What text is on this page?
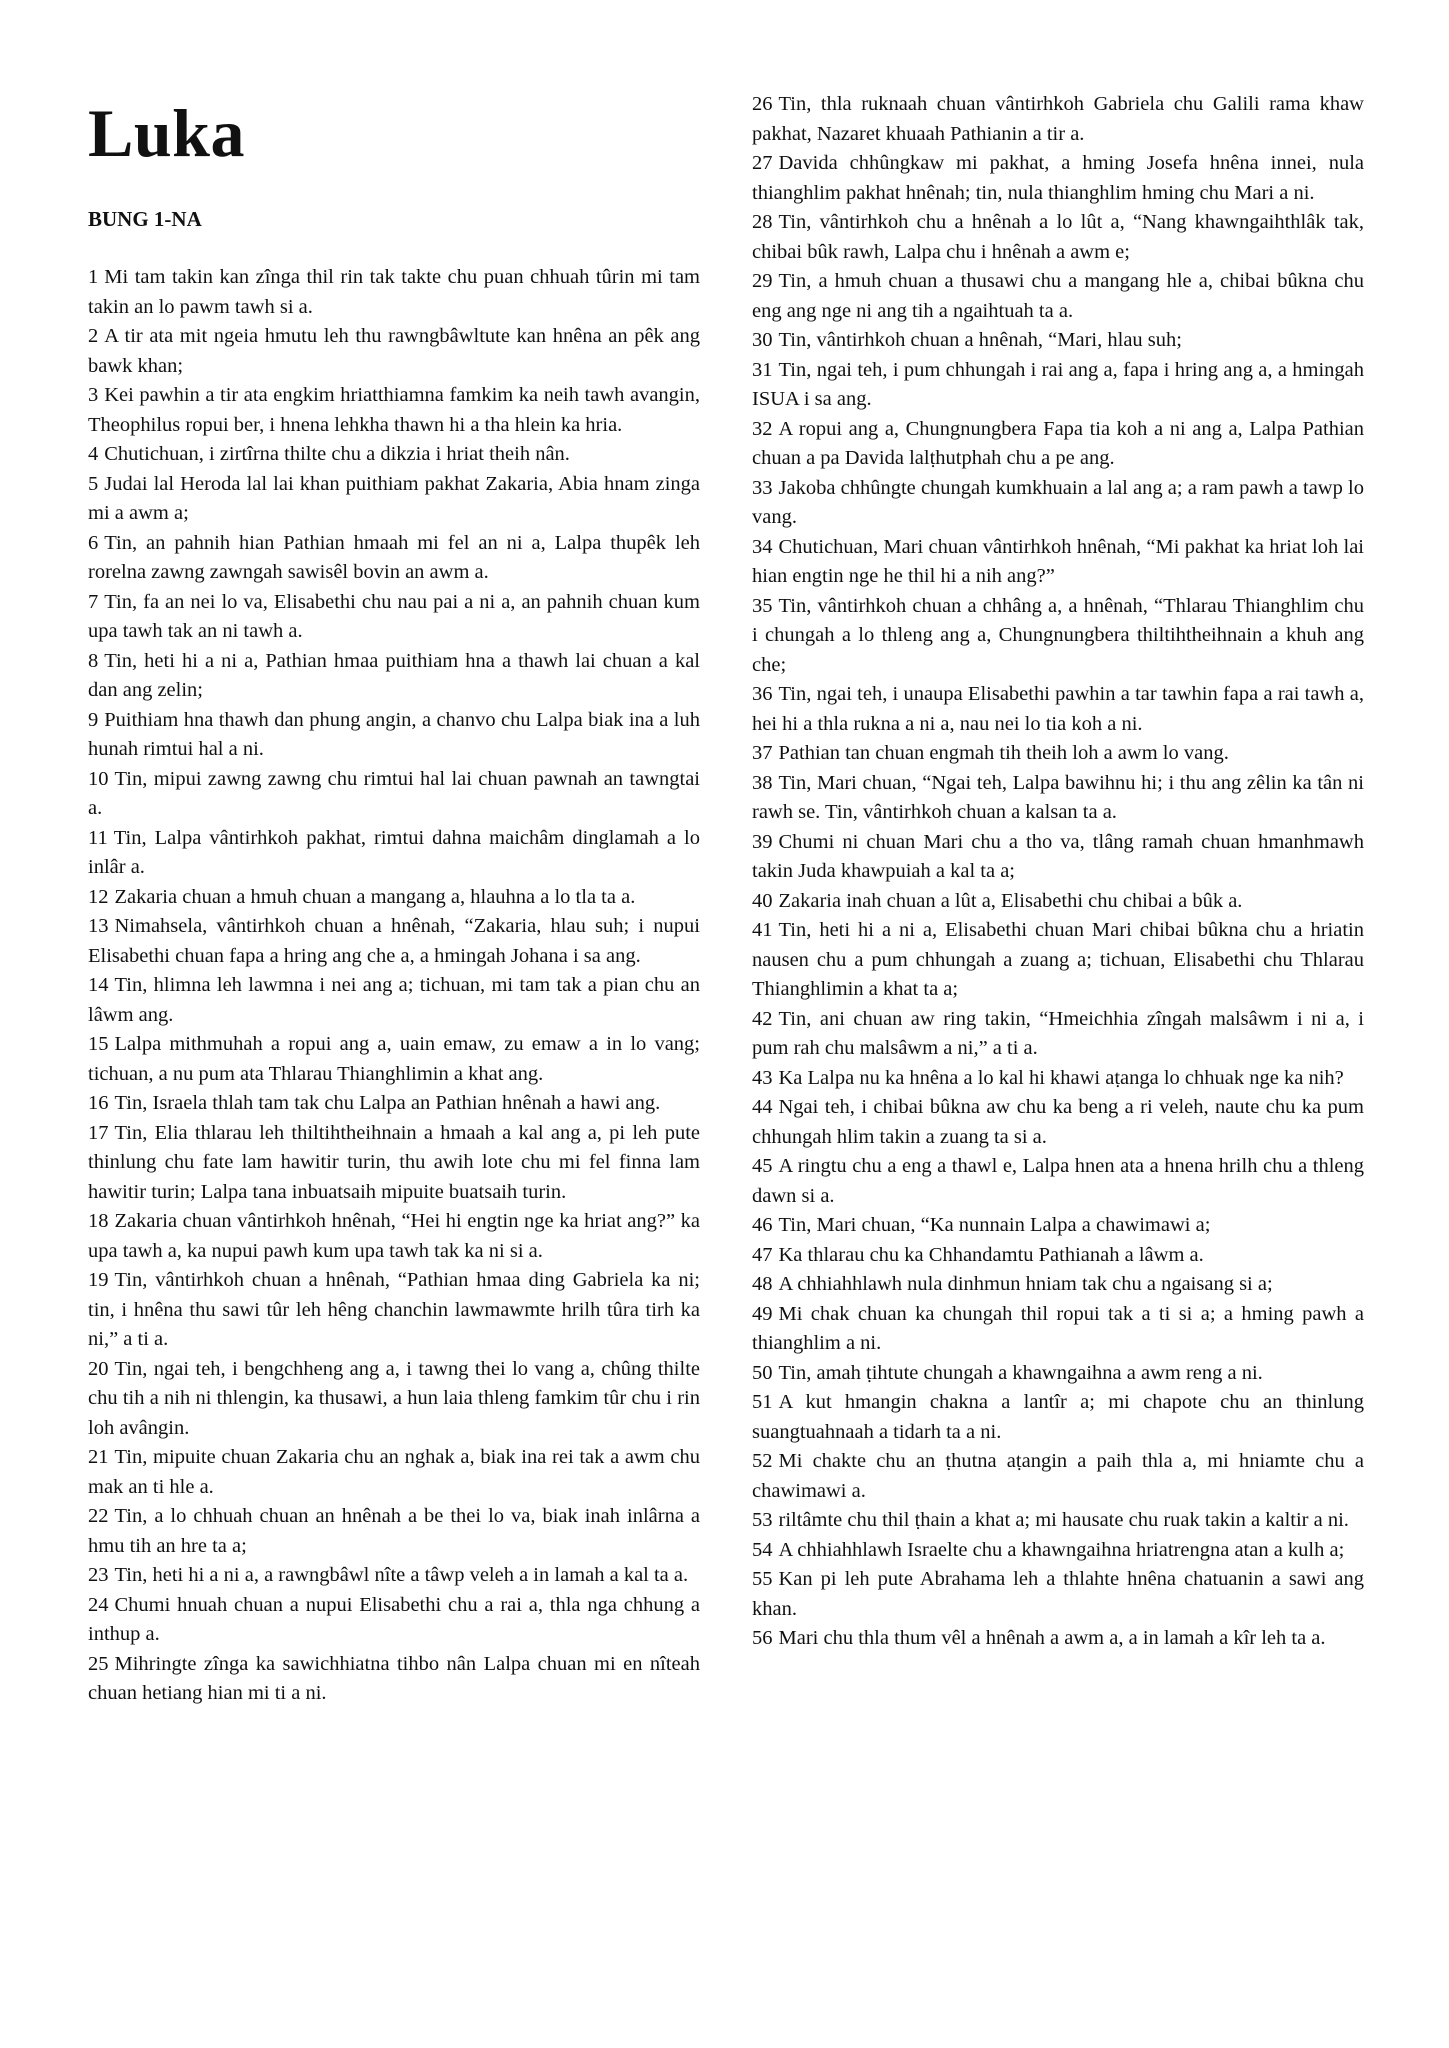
Luka
BUNG 1-NA

1 Mi tam takin kan zînga thil rin tak takte chu puan chhuah tûrin mi tam takin an lo pawm tawh si a.

2 A tir ata mit ngeia hmutu leh thu rawngbâwltute kan hnêna an pêk ang bawk khan;

3 Kei pawhin a tir ata engkim hriatthiamna famkim ka neih tawh avangin, Theophilus ropui ber, i hnena lehkha thawn hi a tha hlein ka hria.

4 Chutichuan, i zirtîrna thilte chu a dikzia i hriat theih nân.

5 Judai lal Heroda lal lai khan puithiam pakhat Zakaria, Abia hnam zinga mi a awm a;

6 Tin, an pahnih hian Pathian hmaah mi fel an ni a, Lalpa thupêk leh rorelna zawng zawngah sawisêl bovin an awm a.

7 Tin, fa an nei lo va, Elisabethi chu nau pai a ni a, an pahnih chuan kum upa tawh tak an ni tawh a.

8 Tin, heti hi a ni a, Pathian hmaa puithiam hna a thawh lai chuan a kal dan ang zelin;

9 Puithiam hna thawh dan phung angin, a chanvo chu Lalpa biak ina a luh hunah rimtui hal a ni.

10 Tin, mipui zawng zawng chu rimtui hal lai chuan pawnah an tawngtai a.

11 Tin, Lalpa vântirhkoh pakhat, rimtui dahna maichâm dinglamah a lo inlâr a.

12 Zakaria chuan a hmuh chuan a mangang a, hlauhna a lo tla ta a.

13 Nimahsela, vântirhkoh chuan a hnênah, “Zakaria, hlau suh; i nupui Elisabethi chuan fapa a hring ang che a, a hmingah Johana i sa ang.

14 Tin, hlimna leh lawmna i nei ang a; tichuan, mi tam tak a pian chu an lâwm ang.

15 Lalpa mithmuhah a ropui ang a, uain emaw, zu emaw a in lo vang; tichuan, a nu pum ata Thlarau Thianghlimin a khat ang.

16 Tin, Israela thlah tam tak chu Lalpa an Pathian hnênah a hawi ang.

17 Tin, Elia thlarau leh thiltihtheihnain a hmaah a kal ang a, pi leh pute thinlung chu fate lam hawitir turin, thu awih lote chu mi fel finna lam hawitir turin; Lalpa tana inbuatsaih mipuite buatsaih turin.

18 Zakaria chuan vântirhkoh hnênah, “Hei hi engtin nge ka hriat ang?” ka upa tawh a, ka nupui pawh kum upa tawh tak ka ni si a.

19 Tin, vântirhkoh chuan a hnênah, “Pathian hmaa ding Gabriela ka ni; tin, i hnêna thu sawi tûr leh hêng chanchin lawmawmte hrilh tûra tirh ka ni,” a ti a.

20 Tin, ngai teh, i bengchheng ang a, i tawng thei lo vang a, chûng thilte chu tih a nih ni thlengin, ka thusawi, a hun laia thleng famkim tûr chu i rin loh avângin.

21 Tin, mipuite chuan Zakaria chu an nghak a, biak ina rei tak a awm chu mak an ti hle a.

22 Tin, a lo chhuah chuan an hnênah a be thei lo va, biak inah inlârna a hmu tih an hre ta a;

23 Tin, heti hi a ni a, a rawngbâwl nîte a tâwp veleh a in lamah a kal ta a.

24 Chumi hnuah chuan a nupui Elisabethi chu a rai a, thla nga chhung a inthup a.

25 Mihringte zînga ka sawichhiatna tihbo nân Lalpa chuan mi en nîteah chuan hetiang hian mi ti a ni.

26 Tin, thla ruknaah chuan vântirhkoh Gabriela chu Galili rama khaw pakhat, Nazaret khuaah Pathianin a tir a.

27 Davida chhûngkaw mi pakhat, a hming Josefa hnêna innei, nula thianghlim pakhat hnênah; tin, nula thianghlim hming chu Mari a ni.

28 Tin, vântirhkoh chu a hnênah a lo lût a, “Nang khawngaihthlâk tak, chibai bûk rawh, Lalpa chu i hnênah a awm e;

29 Tin, a hmuh chuan a thusawi chu a mangang hle a, chibai bûkna chu eng ang nge ni ang tih a ngaihtuah ta a.

30 Tin, vântirhkoh chuan a hnênah, “Mari, hlau suh;

31 Tin, ngai teh, i pum chhungah i rai ang a, fapa i hring ang a, a hmingah ISUA i sa ang.

32 A ropui ang a, Chungnungbera Fapa tia koh a ni ang a, Lalpa Pathian chuan a pa Davida lalṭhutphah chu a pe ang.

33 Jakoba chhûngte chungah kumkhuain a lal ang a; a ram pawh a tawp lo vang.

34 Chutichuan, Mari chuan vântirhkoh hnênah, “Mi pakhat ka hriat loh lai hian engtin nge he thil hi a nih ang?”

35 Tin, vântirhkoh chuan a chhâng a, a hnênah, “Thlarau Thianghlim chu i chungah a lo thleng ang a, Chungnungbera thiltihtheihnain a khuh ang che;

36 Tin, ngai teh, i unaupa Elisabethi pawhin a tar tawhin fapa a rai tawh a, hei hi a thla rukna a ni a, nau nei lo tia koh a ni.

37 Pathian tan chuan engmah tih theih loh a awm lo vang.

38 Tin, Mari chuan, “Ngai teh, Lalpa bawihnu hi; i thu ang zêlin ka tân ni rawh se. Tin, vântirhkoh chuan a kalsan ta a.

39 Chumi ni chuan Mari chu a tho va, tlâng ramah chuan hmanhmawh takin Juda khawpuiah a kal ta a;

40 Zakaria inah chuan a lût a, Elisabethi chu chibai a bûk a.

41 Tin, heti hi a ni a, Elisabethi chuan Mari chibai bûkna chu a hriatin nausen chu a pum chhungah a zuang a; tichuan, Elisabethi chu Thlarau Thianghlimin a khat ta a;

42 Tin, ani chuan aw ring takin, “Hmeichhia zîngah malsâwm i ni a, i pum rah chu malsâwm a ni,” a ti a.

43 Ka Lalpa nu ka hnêna a lo kal hi khawi aṭanga lo chhuak nge ka nih?

44 Ngai teh, i chibai bûkna aw chu ka beng a ri veleh, naute chu ka pum chhungah hlim takin a zuang ta si a.

45 A ringtu chu a eng a thawl e, Lalpa hnen ata a hnena hrilh chu a thleng dawn si a.

46 Tin, Mari chuan, “Ka nunnain Lalpa a chawimawi a;

47 Ka thlarau chu ka Chhandamtu Pathianah a lâwm a.

48 A chhiahhlawh nula dinhmun hniam tak chu a ngaisang si a;

49 Mi chak chuan ka chungah thil ropui tak a ti si a; a hming pawh a thianghlim a ni.

50 Tin, amah ṭihtute chungah a khawngaihna a awm reng a ni.

51 A kut hmangin chakna a lantîr a; mi chapote chu an thinlung suangtuahnaah a tidarh ta a ni.

52 Mi chakte chu an ṭhutna aṭangin a paih thla a, mi hniamte chu a chawimawi a.

53 riltâmte chu thil ṭhain a khat a; mi hausate chu ruak takin a kaltir a ni.

54 A chhiahhlawh Israelte chu a khawngaihna hriatrengna atan a kulh a;

55 Kan pi leh pute Abrahama leh a thlahte hnêna chatuanin a sawi ang khan.

56 Mari chu thla thum vêl a hnênah a awm a, a in lamah a kîr leh ta a.
